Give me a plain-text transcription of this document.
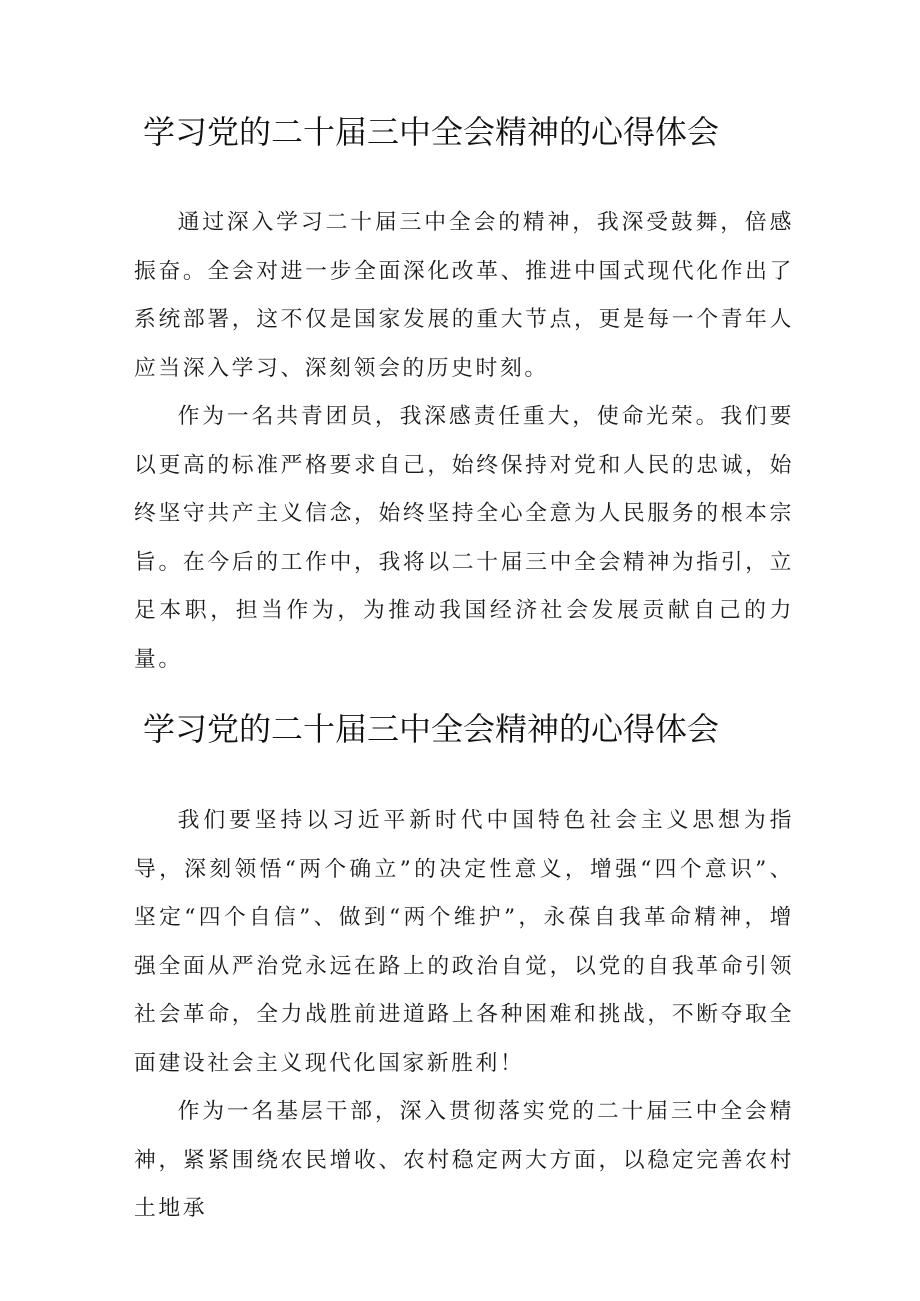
学习党的二十届三中全会精神的心得体会

通过深入学习二十届三中全会的精神，我深受鼓舞，倍感振奋。全会对进一步全面深化改革、推进中国式现代化作出了系统部署，这不仅是国家发展的重大节点，更是每一个青年人应当深入学习、深刻领会的历史时刻。

作为一名共青团员，我深感责任重大，使命光荣。我们要以更高的标准严格要求自己，始终保持对党和人民的忠诚，始终坚守共产主义信念，始终坚持全心全意为人民服务的根本宗旨。在今后的工作中，我将以二十届三中全会精神为指引，立足本职，担当作为，为推动我国经济社会发展贡献自己的力量。

学习党的二十届三中全会精神的心得体会

我们要坚持以习近平新时代中国特色社会主义思想为指导，深刻领悟“两个确立”的决定性意义，增强“四个意识”、坚定“四个自信”、做到“两个维护”，永葆自我革命精神，增强全面从严治党永远在路上的政治自觉，以党的自我革命引领社会革命，全力战胜前进道路上各种困难和挑战，不断夺取全面建设社会主义现代化国家新胜利！

作为一名基层干部，深入贯彻落实党的二十届三中全会精神，紧紧围绕农民增收、农村稳定两大方面，以稳定完善农村土地承
